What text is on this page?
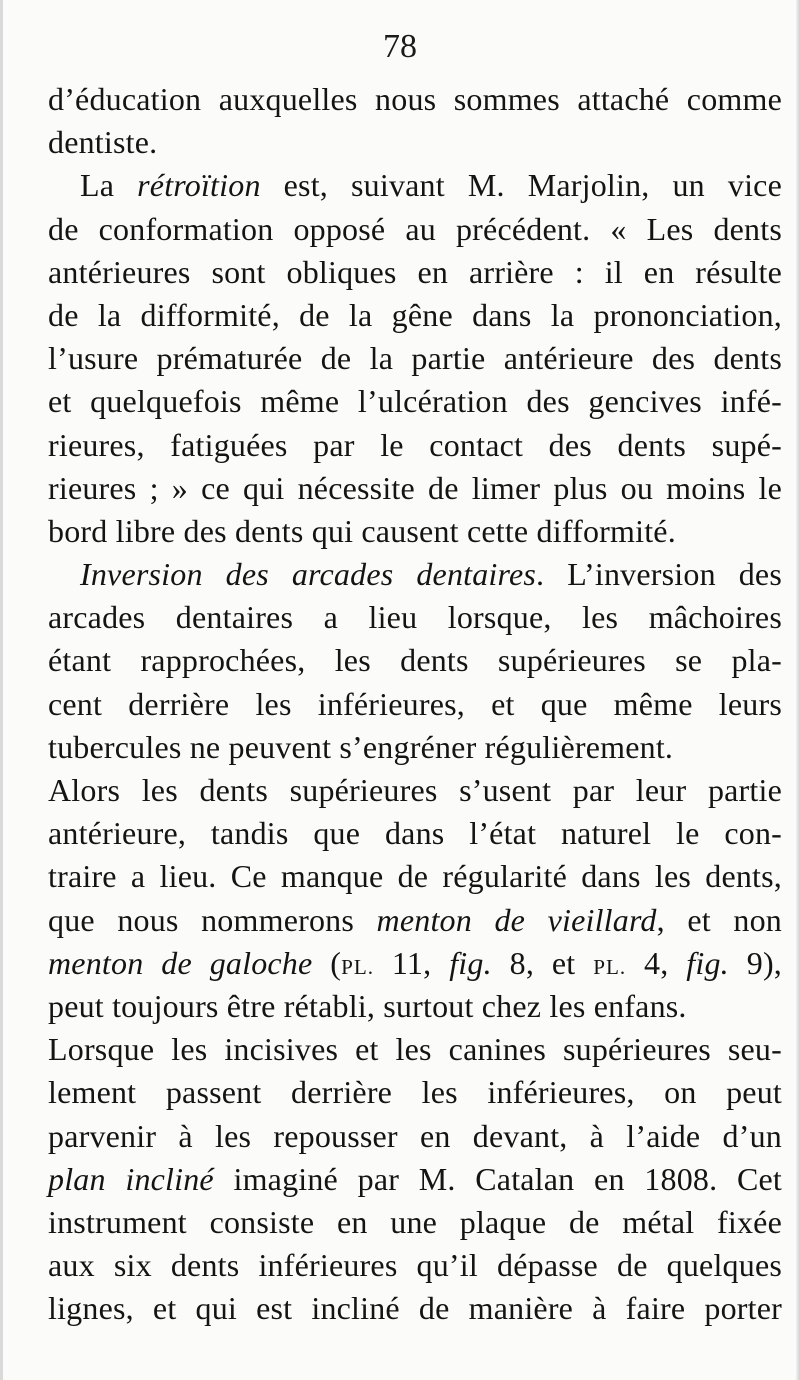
78
d’éducation auxquelles nous sommes attaché comme
dentiste.
La rétroïtion est, suivant M. Marjolin, un vice
de conformation opposé au précédent. « Les dents
antérieures sont obliques en arrière : il en résulte
de la difformité, de la gêne dans la prononciation,
l’usure prématurée de la partie antérieure des dents
et quelquefois même l’ulcération des gencives infé-
rieures, fatiguées par le contact des dents supé-
rieures ; » ce qui nécessite de limer plus ou moins le
bord libre des dents qui causent cette difformité.
Inversion des arcades dentaires. L’inversion des
arcades dentaires a lieu lorsque, les mâchoires
étant rapprochées, les dents supérieures se pla-
cent derrière les inférieures, et que même leurs
tubercules ne peuvent s’engréner régulièrement.
Alors les dents supérieures s’usent par leur partie
antérieure, tandis que dans l’état naturel le con-
traire a lieu. Ce manque de régularité dans les dents,
que nous nommerons menton de vieillard, et non
menton de galoche (PL. 11, fig. 8, et PL. 4, fig. 9),
peut toujours être rétabli, surtout chez les enfans.
Lorsque les incisives et les canines supérieures seu-
lement passent derrière les inférieures, on peut
parvenir à les repousser en devant, à l’aide d’un
plan incliné imaginé par M. Catalan en 1808. Cet
instrument consiste en une plaque de métal fixée
aux six dents inférieures qu’il dépasse de quelques
lignes, et qui est incliné de manière à faire porter
